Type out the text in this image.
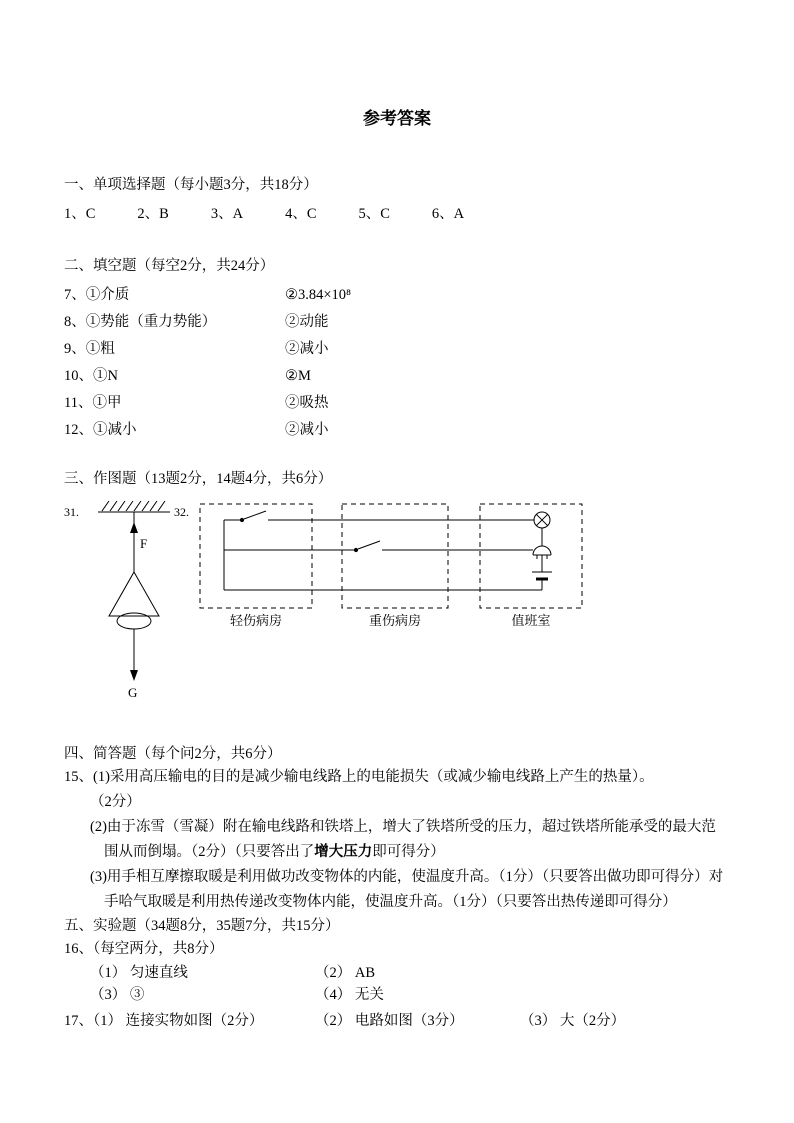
参考答案
一、单项选择题（每小题3分，共18分）
1、C	2、B	3、A	4、C	5、C	6、A
二、填空题（每空2分，共24分）
7、①介质	②3.84×10⁸
8、①势能（重力势能）	②动能
9、①粗	②减小
10、①N	②M
11、①甲	②吸热
12、①减小	②减小
三、作图题（13题2分，14题4分，共6分）
31.
F
G
32.
轻伤病房	重伤病房	值班室
四、简答题（每个问2分，共6分）
15、(1)采用高压输电的目的是减少输电线路上的电能损失（或减少输电线路上产生的热量）。
（2分）
(2)由于冻雪（雪凝）附在输电线路和铁塔上，增大了铁塔所受的压力，超过铁塔所能承受的最大范围从而倒塌。（2分）（只要答出了增大压力即可得分）
(3)用手相互摩擦取暖是利用做功改变物体的内能，使温度升高。（1分）（只要答出做功即可得分）对手哈气取暖是利用热传递改变物体内能，使温度升高。（1分）（只要答出热传递即可得分）
五、实验题（34题8分，35题7分，共15分）
16、（每空两分，共8分）
（1） 匀速直线	（2） AB
（3） ③	（4） 无关
17、（1） 连接实物如图（2分）	（2） 电路如图（3分）	（3） 大（2分）
